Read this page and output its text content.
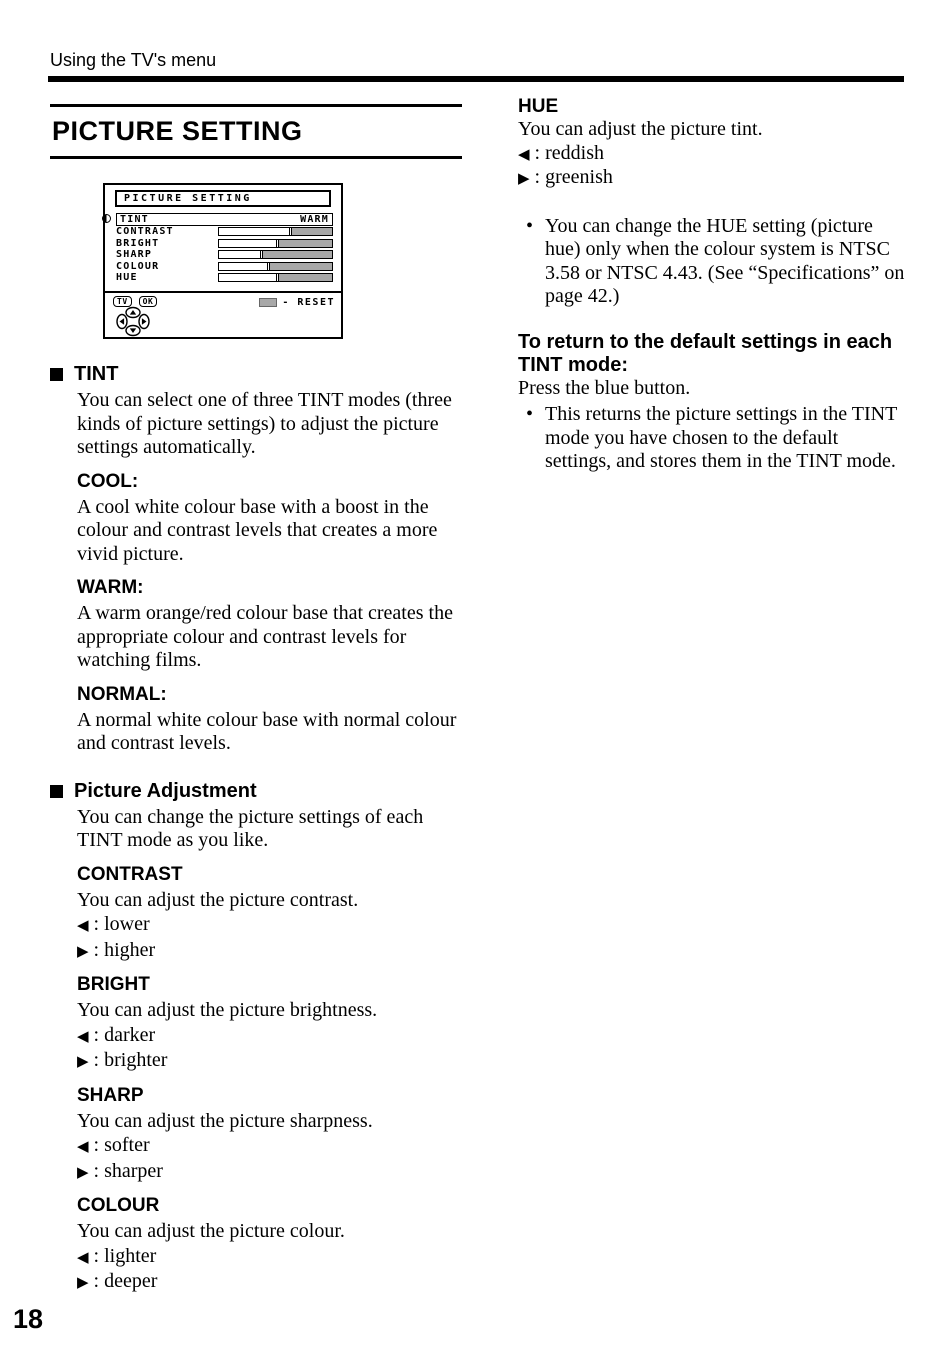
Using the TV's menu
PICTURE SETTING
PICTURE SETTING
TINT	WARM
CONTRAST
BRIGHT
SHARP
COLOUR
HUE
TV	OK	- RESET
TINT
You can select one of three TINT modes (three kinds of picture settings) to adjust the picture settings automatically.
COOL:
A cool white colour base with a boost in the colour and contrast levels that creates a more vivid picture.
WARM:
A warm orange/red colour base that creates the appropriate colour and contrast levels for watching films.
NORMAL:
A normal white colour base with normal colour and contrast levels.
Picture Adjustment
You can change the picture settings of each TINT mode as you like.
CONTRAST
You can adjust the picture contrast.
◀ : lower
▶ : higher
BRIGHT
You can adjust the picture brightness.
◀ : darker
▶ : brighter
SHARP
You can adjust the picture sharpness.
◀ : softer
▶ : sharper
COLOUR
You can adjust the picture colour.
◀ : lighter
▶ : deeper
HUE
You can adjust the picture tint.
◀ : reddish
▶ : greenish
• You can change the HUE setting (picture hue) only when the colour system is NTSC 3.58 or NTSC 4.43. (See “Specifications” on page 42.)
To return to the default settings in each TINT mode:
Press the blue button.
• This returns the picture settings in the TINT mode you have chosen to the default settings, and stores them in the TINT mode.
18
